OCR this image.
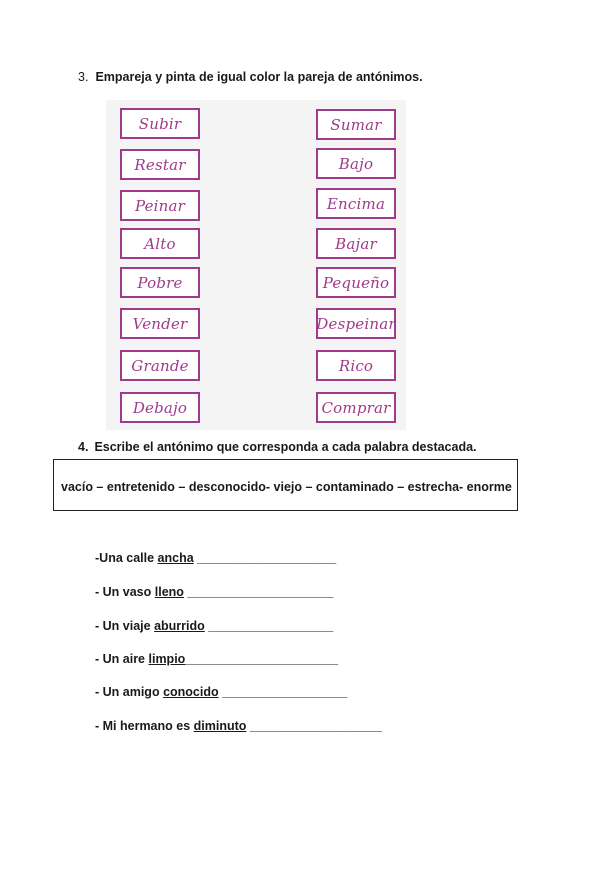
3. Empareja y pinta de igual color la pareja de antónimos.
Subir
Restar
Peinar
Alto
Pobre
Vender
Grande
Debajo
Sumar
Bajo
Encima
Bajar
Pequeño
Despeinar
Rico
Comprar
4. Escribe el antónimo que corresponda a cada palabra destacada.
vacío – entretenido – desconocido- viejo – contaminado – estrecha- enorme
-Una calle ancha ____________________
- Un vaso lleno _____________________
- Un viaje aburrido __________________
- Un aire limpio______________________
- Un amigo conocido __________________
- Mi hermano es diminuto ___________________
